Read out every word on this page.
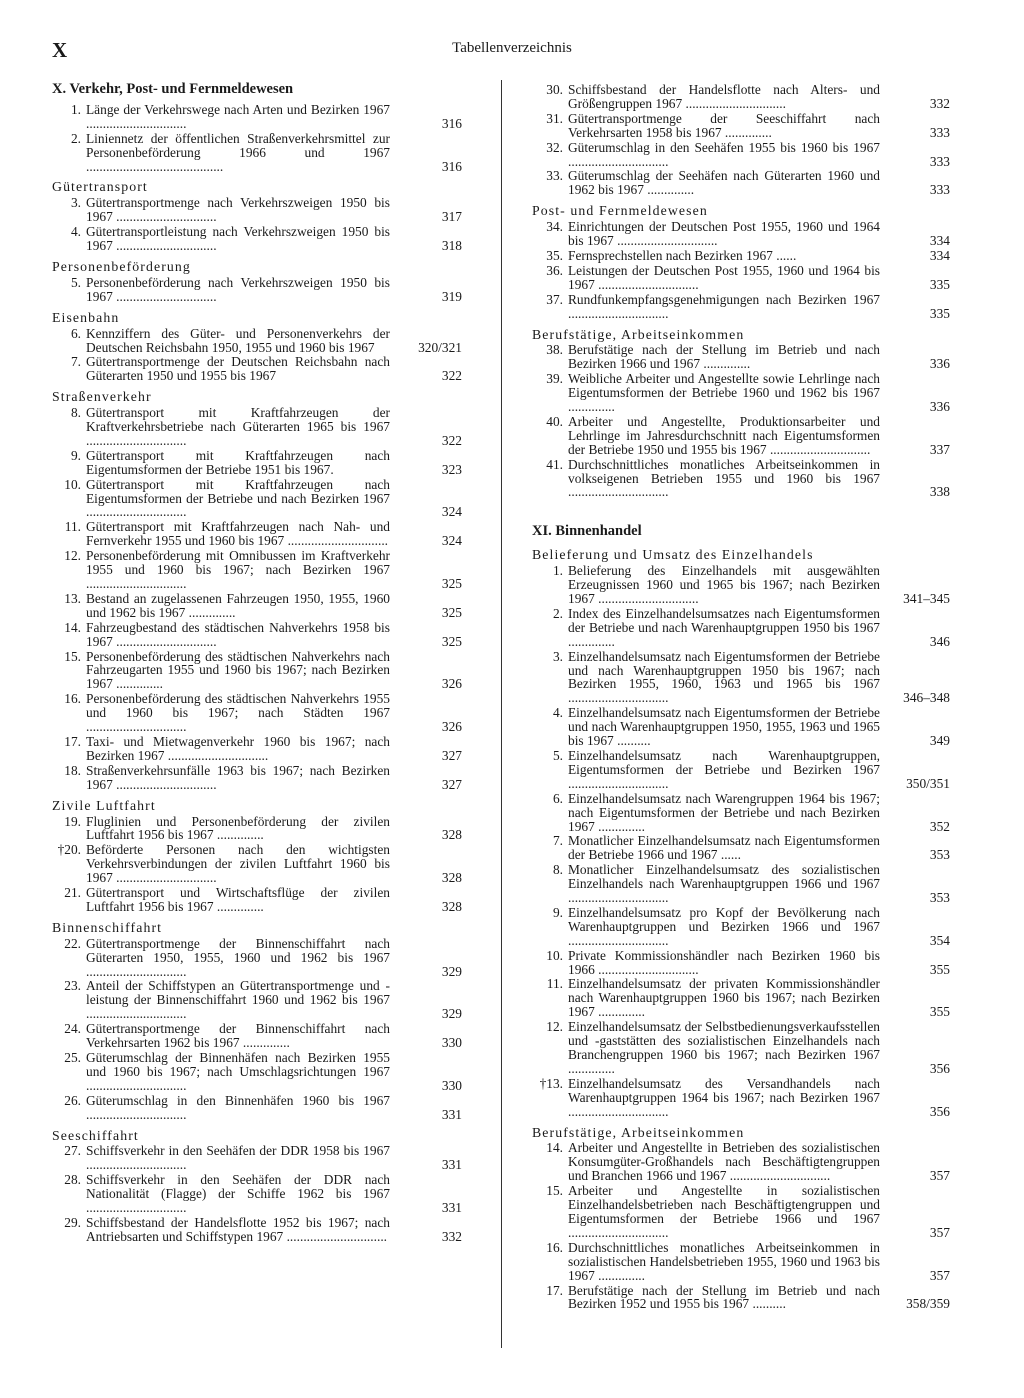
X	Tabellenverzeichnis
X. Verkehr, Post- und Fernmeldewesen
1. Länge der Verkehrswege nach Arten und Bezirken 1967 ..............................	316
2. Liniennetz der öffentlichen Straßenverkehrsmittel zur Personenbeförderung 1966 und 1967 .........................................	316
Gütertransport
3. Gütertransportmenge nach Verkehrszweigen 1950 bis 1967 ..............................	317
4. Gütertransportleistung nach Verkehrszweigen 1950 bis 1967 ..............................	318
Personenbeförderung
5. Personenbeförderung nach Verkehrszweigen 1950 bis 1967 ..............................	319
Eisenbahn
6. Kennziffern des Güter- und Personenverkehrs der Deutschen Reichsbahn 1950, 1955 und 1960 bis 1967	320/321
7. Gütertransportmenge der Deutschen Reichsbahn nach Güterarten 1950 und 1955 bis 1967	322
Straßenverkehr
8. Gütertransport mit Kraftfahrzeugen der Kraftverkehrsbetriebe nach Güterarten 1965 bis 1967 ..............................	322
9. Gütertransport mit Kraftfahrzeugen nach Eigentumsformen der Betriebe 1951 bis 1967.	323
10. Gütertransport mit Kraftfahrzeugen nach Eigentumsformen der Betriebe und nach Bezirken 1967 ..............................	324
11. Gütertransport mit Kraftfahrzeugen nach Nah- und Fernverkehr 1955 und 1960 bis 1967 ..............................	324
12. Personenbeförderung mit Omnibussen im Kraftverkehr 1955 und 1960 bis 1967; nach Bezirken 1967 ..............................	325
13. Bestand an zugelassenen Fahrzeugen 1950, 1955, 1960 und 1962 bis 1967 ..............	325
14. Fahrzeugbestand des städtischen Nahverkehrs 1958 bis 1967 ..............................	325
15. Personenbeförderung des städtischen Nahverkehrs nach Fahrzeugarten 1955 und 1960 bis 1967; nach Bezirken 1967 ..............	326
16. Personenbeförderung des städtischen Nahverkehrs 1955 und 1960 bis 1967; nach Städten 1967 ..............................	326
17. Taxi- und Mietwagenverkehr 1960 bis 1967; nach Bezirken 1967 ..............................	327
18. Straßenverkehrsunfälle 1963 bis 1967; nach Bezirken 1967 ..............................	327
Zivile Luftfahrt
19. Fluglinien und Personenbeförderung der zivilen Luftfahrt 1956 bis 1967 ..............	328
†20. Beförderte Personen nach den wichtigsten Verkehrsverbindungen der zivilen Luftfahrt 1960 bis 1967 ..............................	328
21. Gütertransport und Wirtschaftsflüge der zivilen Luftfahrt 1956 bis 1967 ..............	328
Binnenschiffahrt
22. Gütertransportmenge der Binnenschiffahrt nach Güterarten 1950, 1955, 1960 und 1962 bis 1967 ..............................	329
23. Anteil der Schiffstypen an Gütertransportmenge und -leistung der Binnenschiffahrt 1960 und 1962 bis 1967 ..............................	329
24. Gütertransportmenge der Binnenschiffahrt nach Verkehrsarten 1962 bis 1967 ..............	330
25. Güterumschlag der Binnenhäfen nach Bezirken 1955 und 1960 bis 1967; nach Umschlagsrichtungen 1967 ..............................	330
26. Güterumschlag in den Binnenhäfen 1960 bis 1967 ..............................	331
Seeschiffahrt
27. Schiffsverkehr in den Seehäfen der DDR 1958 bis 1967 ..............................	331
28. Schiffsverkehr in den Seehäfen der DDR nach Nationalität (Flagge) der Schiffe 1962 bis 1967 ..............................	331
29. Schiffsbestand der Handelsflotte 1952 bis 1967; nach Antriebsarten und Schiffstypen 1967 ..............................	332
30. Schiffsbestand der Handelsflotte nach Alters- und Größengruppen 1967 ..............................	332
31. Gütertransportmenge der Seeschiffahrt nach Verkehrsarten 1958 bis 1967 ..............	333
32. Güterumschlag in den Seehäfen 1955 bis 1960 bis 1967 ..............................	333
33. Güterumschlag der Seehäfen nach Güterarten 1960 und 1962 bis 1967 ..............	333
Post- und Fernmeldewesen
34. Einrichtungen der Deutschen Post 1955, 1960 und 1964 bis 1967 ..............................	334
35. Fernsprechstellen nach Bezirken 1967 ......	334
36. Leistungen der Deutschen Post 1955, 1960 und 1964 bis 1967 ..............................	335
37. Rundfunkempfangsgenehmigungen nach Bezirken 1967 ..............................	335
Berufstätige, Arbeitseinkommen
38. Berufstätige nach der Stellung im Betrieb und nach Bezirken 1966 und 1967 ..............	336
39. Weibliche Arbeiter und Angestellte sowie Lehrlinge nach Eigentumsformen der Betriebe 1960 und 1962 bis 1967 ..............	336
40. Arbeiter und Angestellte, Produktionsarbeiter und Lehrlinge im Jahresdurchschnitt nach Eigentumsformen der Betriebe 1950 und 1955 bis 1967 ..............................	337
41. Durchschnittliches monatliches Arbeitseinkommen in volkseigenen Betrieben 1955 und 1960 bis 1967 ..............................	338
XI. Binnenhandel
Belieferung und Umsatz des Einzelhandels
1. Belieferung des Einzelhandels mit ausgewählten Erzeugnissen 1960 und 1965 bis 1967; nach Bezirken 1967 ..............................	341–345
2. Index des Einzelhandelsumsatzes nach Eigentumsformen der Betriebe und nach Warenhauptgruppen 1950 bis 1967 ..............	346
3. Einzelhandelsumsatz nach Eigentumsformen der Betriebe und nach Warenhauptgruppen 1950 bis 1967; nach Bezirken 1955, 1960, 1963 und 1965 bis 1967 ..............................	346–348
4. Einzelhandelsumsatz nach Eigentumsformen der Betriebe und nach Warenhauptgruppen 1950, 1955, 1963 und 1965 bis 1967 ..........	349
5. Einzelhandelsumsatz nach Warenhauptgruppen, Eigentumsformen der Betriebe und Bezirken 1967 ..............................	350/351
6. Einzelhandelsumsatz nach Warengruppen 1964 bis 1967; nach Eigentumsformen der Betriebe und nach Bezirken 1967 ..............	352
7. Monatlicher Einzelhandelsumsatz nach Eigentumsformen der Betriebe 1966 und 1967 ......	353
8. Monatlicher Einzelhandelsumsatz des sozialistischen Einzelhandels nach Warenhauptgruppen 1966 und 1967 ..............................	353
9. Einzelhandelsumsatz pro Kopf der Bevölkerung nach Warenhauptgruppen und Bezirken 1966 und 1967 ..............................	354
10. Private Kommissionshändler nach Bezirken 1960 bis 1966 ..............................	355
11. Einzelhandelsumsatz der privaten Kommissionshändler nach Warenhauptgruppen 1960 bis 1967; nach Bezirken 1967 ..............	355
12. Einzelhandelsumsatz der Selbstbedienungsverkaufsstellen und -gaststätten des sozialistischen Einzelhandels nach Branchengruppen 1960 bis 1967; nach Bezirken 1967 ..............	356
†13. Einzelhandelsumsatz des Versandhandels nach Warenhauptgruppen 1964 bis 1967; nach Bezirken 1967 ..............................	356
Berufstätige, Arbeitseinkommen
14. Arbeiter und Angestellte in Betrieben des sozialistischen Konsumgüter-Großhandels nach Beschäftigtengruppen und Branchen 1966 und 1967 ..............................	357
15. Arbeiter und Angestellte in sozialistischen Einzelhandelsbetrieben nach Beschäftigtengruppen und Eigentumsformen der Betriebe 1966 und 1967 ..............................	357
16. Durchschnittliches monatliches Arbeitseinkommen in sozialistischen Handelsbetrieben 1955, 1960 und 1963 bis 1967 ..............	357
17. Berufstätige nach der Stellung im Betrieb und nach Bezirken 1952 und 1955 bis 1967 ..........	358/359
